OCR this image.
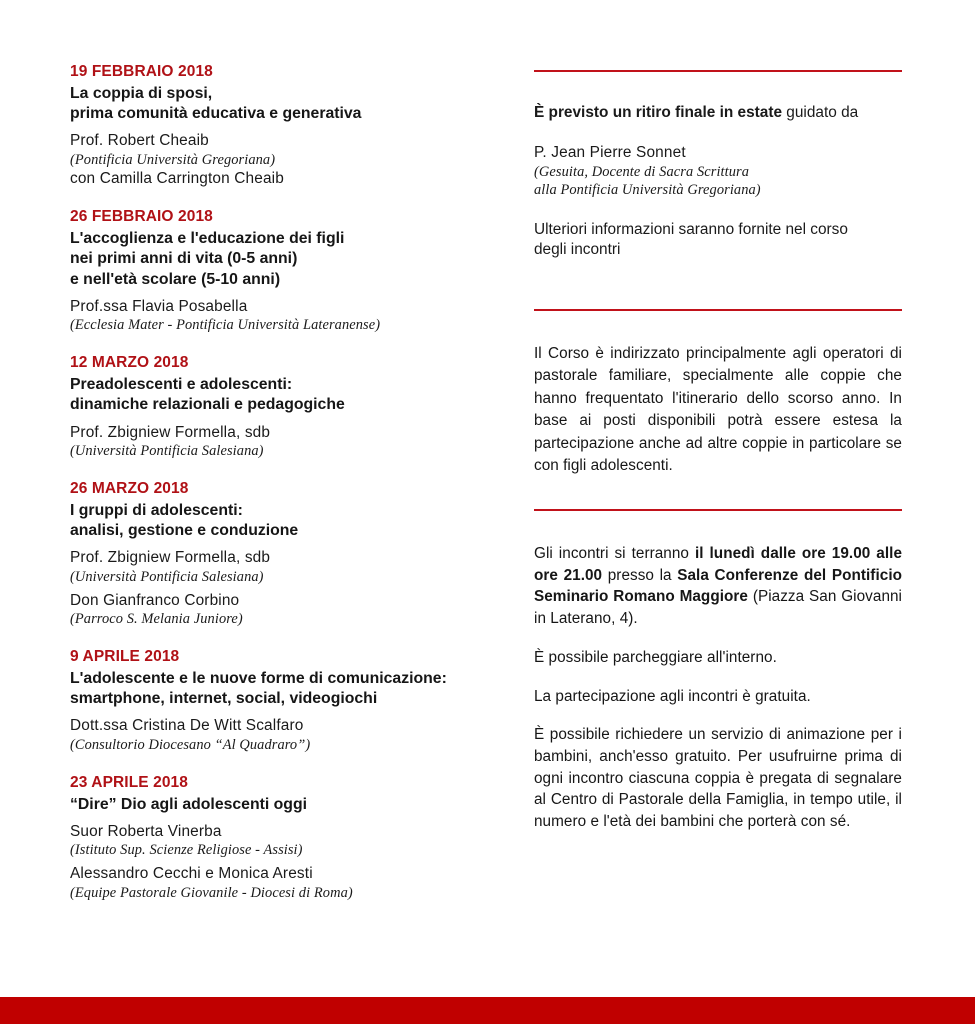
19 FEBBRAIO 2018
La coppia di sposi,
prima comunità educativa e generativa
Prof. Robert Cheaib
(Pontificia Università Gregoriana)
con Camilla Carrington Cheaib
26 FEBBRAIO 2018
L'accoglienza e l'educazione dei figli
nei primi anni di vita (0-5 anni)
e nell'età scolare (5-10 anni)
Prof.ssa Flavia Posabella
(Ecclesia Mater - Pontificia Università Lateranense)
12 MARZO 2018
Preadolescenti e adolescenti:
dinamiche relazionali e pedagogiche
Prof. Zbigniew Formella, sdb
(Università Pontificia Salesiana)
26 MARZO 2018
I gruppi di adolescenti:
analisi, gestione e conduzione
Prof. Zbigniew Formella, sdb
(Università Pontificia Salesiana)
Don Gianfranco Corbino
(Parroco S. Melania Juniore)
9 APRILE 2018
L'adolescente e le nuove forme di comunicazione:
smartphone, internet, social, videogiochi
Dott.ssa Cristina De Witt Scalfaro
(Consultorio Diocesano “Al Quadraro”)
23 APRILE 2018
“Dire” Dio agli adolescenti oggi
Suor Roberta Vinerba
(Istituto Sup. Scienze Religiose - Assisi)
Alessandro Cecchi e Monica Aresti
(Equipe Pastorale Giovanile - Diocesi di Roma)
È previsto un ritiro finale in estate guidato da
P. Jean Pierre Sonnet
(Gesuita, Docente di Sacra Scrittura
alla Pontificia Università Gregoriana)
Ulteriori informazioni saranno fornite nel corso
degli incontri
Il Corso è indirizzato principalmente agli operatori di pastorale familiare, specialmente alle coppie che hanno frequentato l'itinerario dello scorso anno. In base ai posti disponibili potrà essere estesa la partecipazione anche ad altre coppie in particolare se con figli adolescenti.
Gli incontri si terranno il lunedì dalle ore 19.00 alle ore 21.00 presso la Sala Conferenze del Pontificio Seminario Romano Maggiore (Piazza San Giovanni in Laterano, 4).
È possibile parcheggiare all'interno.
La partecipazione agli incontri è gratuita.
È possibile richiedere un servizio di animazione per i bambini, anch'esso gratuito. Per usufruirne prima di ogni incontro ciascuna coppia è pregata di segnalare al Centro di Pastorale della Famiglia, in tempo utile, il numero e l'età dei bambini che porterà con sé.
